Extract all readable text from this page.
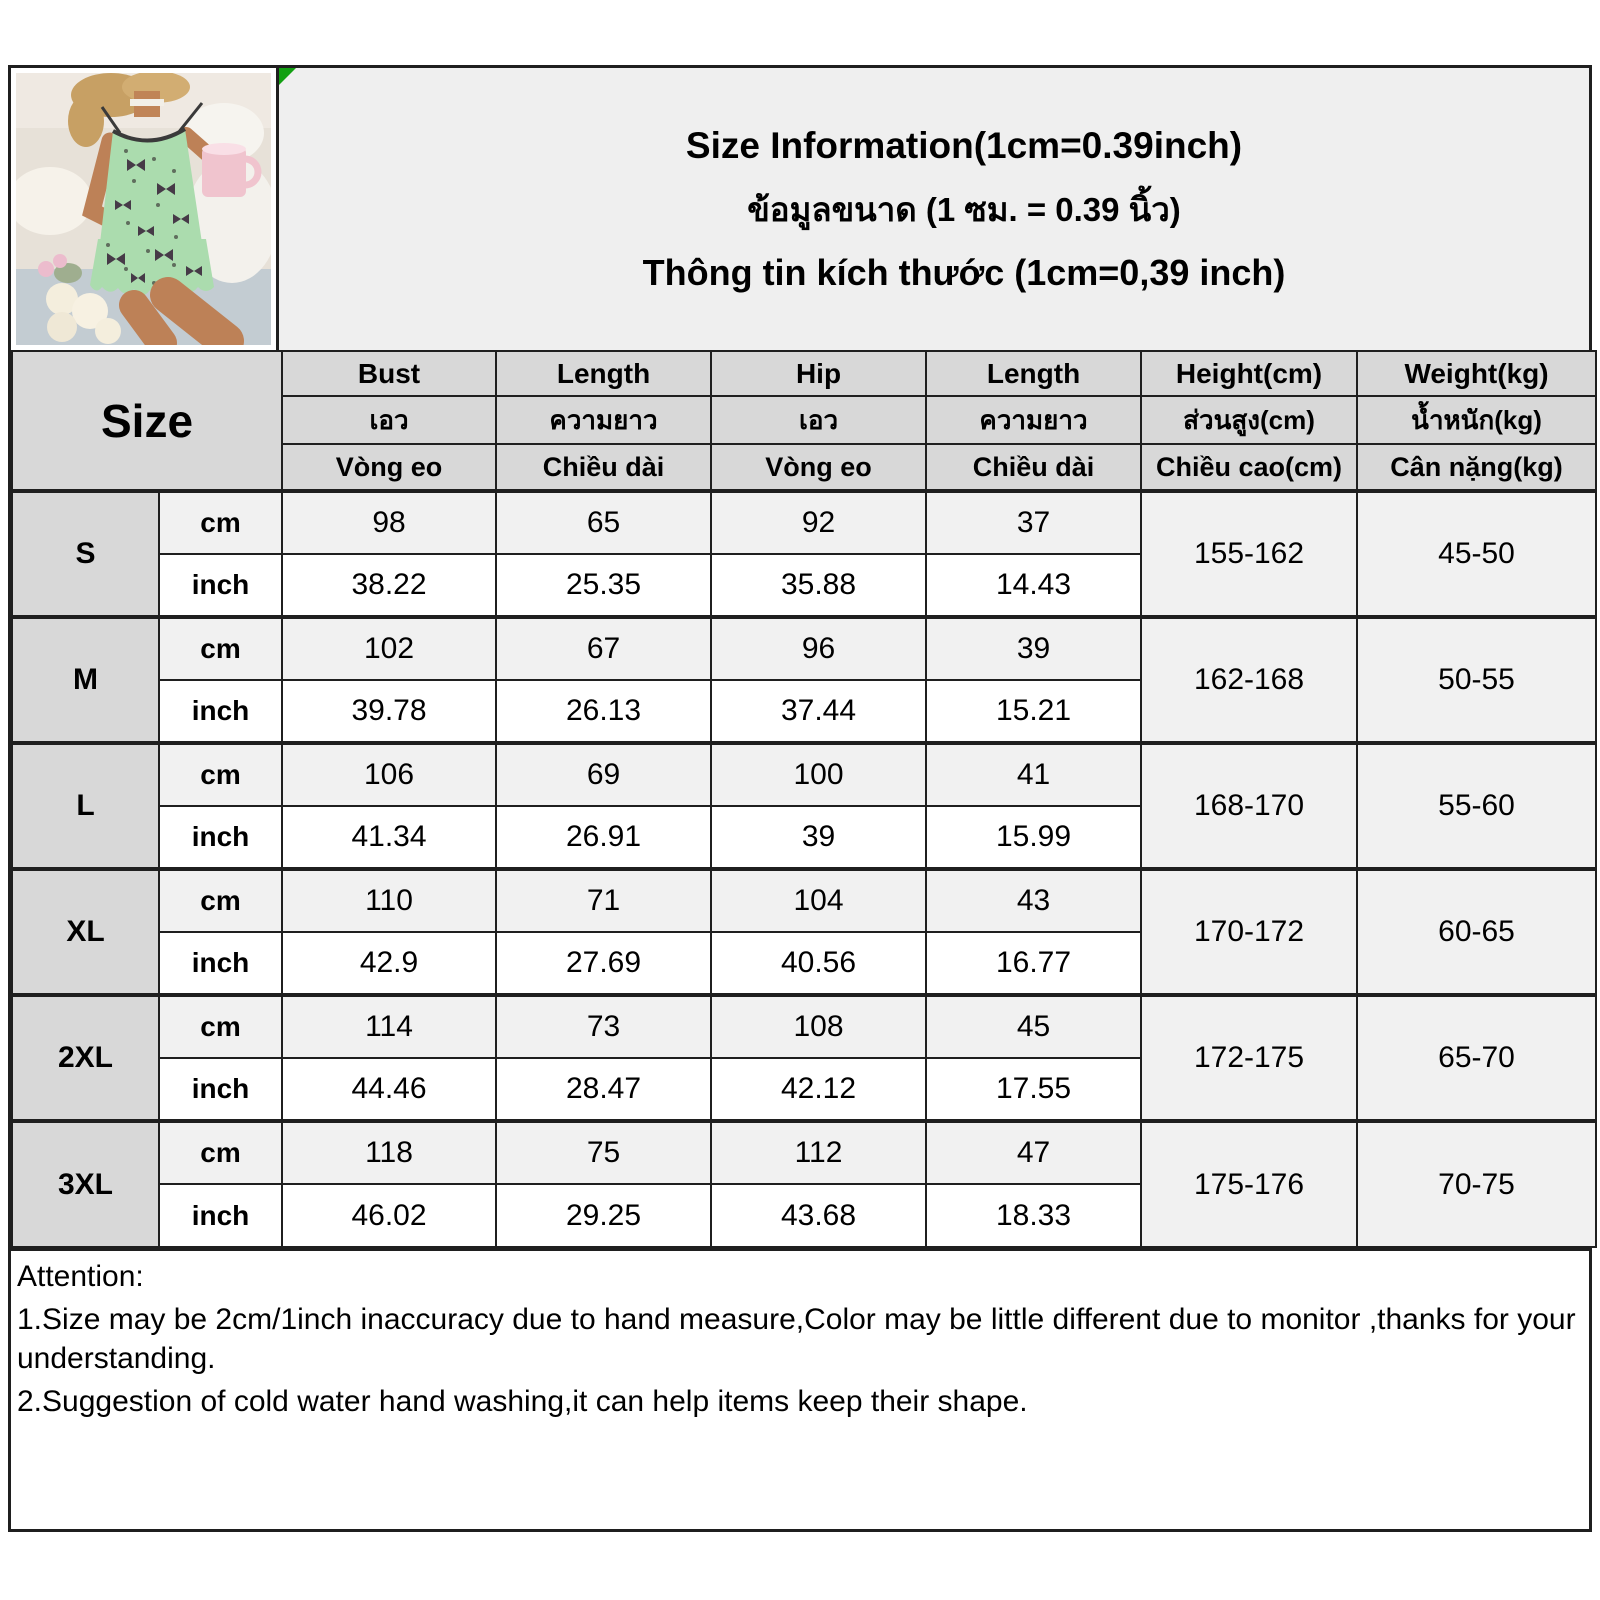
Size Information(1cm=0.39inch)
ข้อมูลขนาด (1 ซม. = 0.39 นิ้ว)
Thông tin kích thước (1cm=0,39 inch)
Size		Bust	Length	Hip	Length	Height(cm)	Weight(kg)
		เอว	ความยาว	เอว	ความยาว	ส่วนสูง(cm)	น้ำหนัก(kg)
		Vòng eo	Chiều dài	Vòng eo	Chiều dài	Chiều cao(cm)	Cân nặng(kg)
S	cm	98	65	92	37	155-162	45-50
	inch	38.22	25.35	35.88	14.43		
M	cm	102	67	96	39	162-168	50-55
	inch	39.78	26.13	37.44	15.21		
L	cm	106	69	100	41	168-170	55-60
	inch	41.34	26.91	39	15.99		
XL	cm	110	71	104	43	170-172	60-65
	inch	42.9	27.69	40.56	16.77		
2XL	cm	114	73	108	45	172-175	65-70
	inch	44.46	28.47	42.12	17.55		
3XL	cm	118	75	112	47	175-176	70-75
	inch	46.02	29.25	43.68	18.33		

Attention:

1.Size may be 2cm/1inch inaccuracy due to hand measure,Color may be little different due to monitor ,thanks for your understanding.

2.Suggestion of cold water hand washing,it can help items keep their shape.
